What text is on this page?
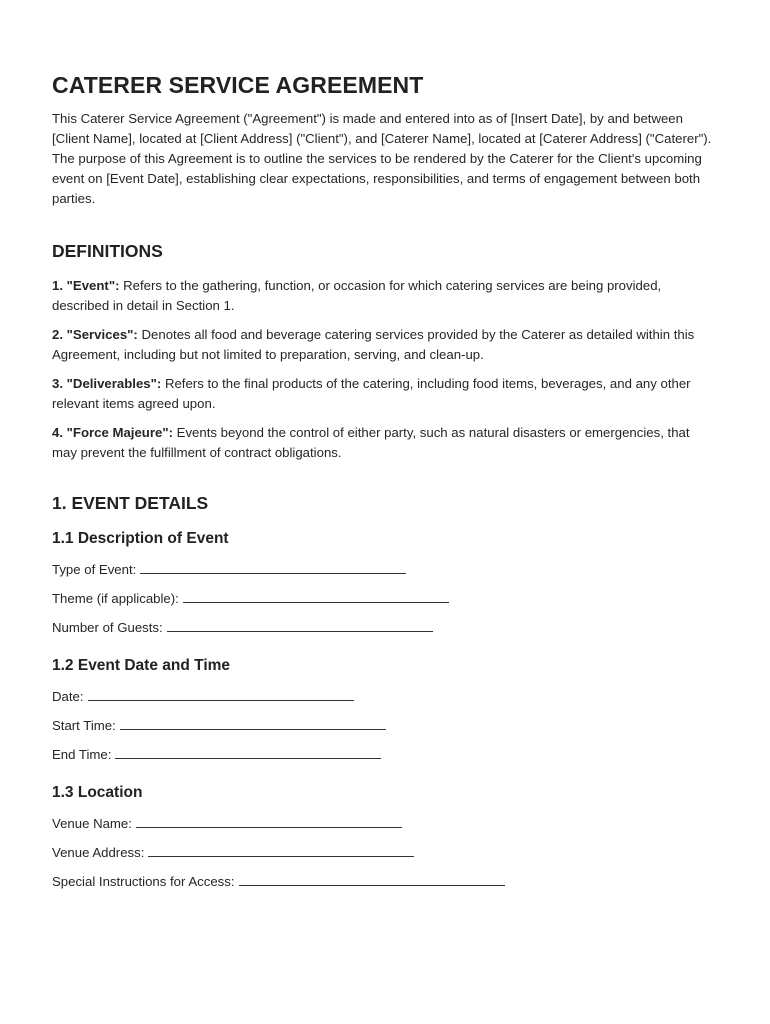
CATERER SERVICE AGREEMENT

This Caterer Service Agreement ("Agreement") is made and entered into as of [Insert Date], by and between [Client Name], located at [Client Address] ("Client"), and [Caterer Name], located at [Caterer Address] ("Caterer"). The purpose of this Agreement is to outline the services to be rendered by the Caterer for the Client's upcoming event on [Event Date], establishing clear expectations, responsibilities, and terms of engagement between both parties.

DEFINITIONS

1. "Event": Refers to the gathering, function, or occasion for which catering services are being provided, described in detail in Section 1.

2. "Services": Denotes all food and beverage catering services provided by the Caterer as detailed within this Agreement, including but not limited to preparation, serving, and clean-up.

3. "Deliverables": Refers to the final products of the catering, including food items, beverages, and any other relevant items agreed upon.

4. "Force Majeure": Events beyond the control of either party, such as natural disasters or emergencies, that may prevent the fulfillment of contract obligations.

1. EVENT DETAILS
1.1 Description of Event
Type of Event:
Theme (if applicable):
Number of Guests:
1.2 Event Date and Time
Date:
Start Time:
End Time:
1.3 Location
Venue Name:
Venue Address:
Special Instructions for Access:
